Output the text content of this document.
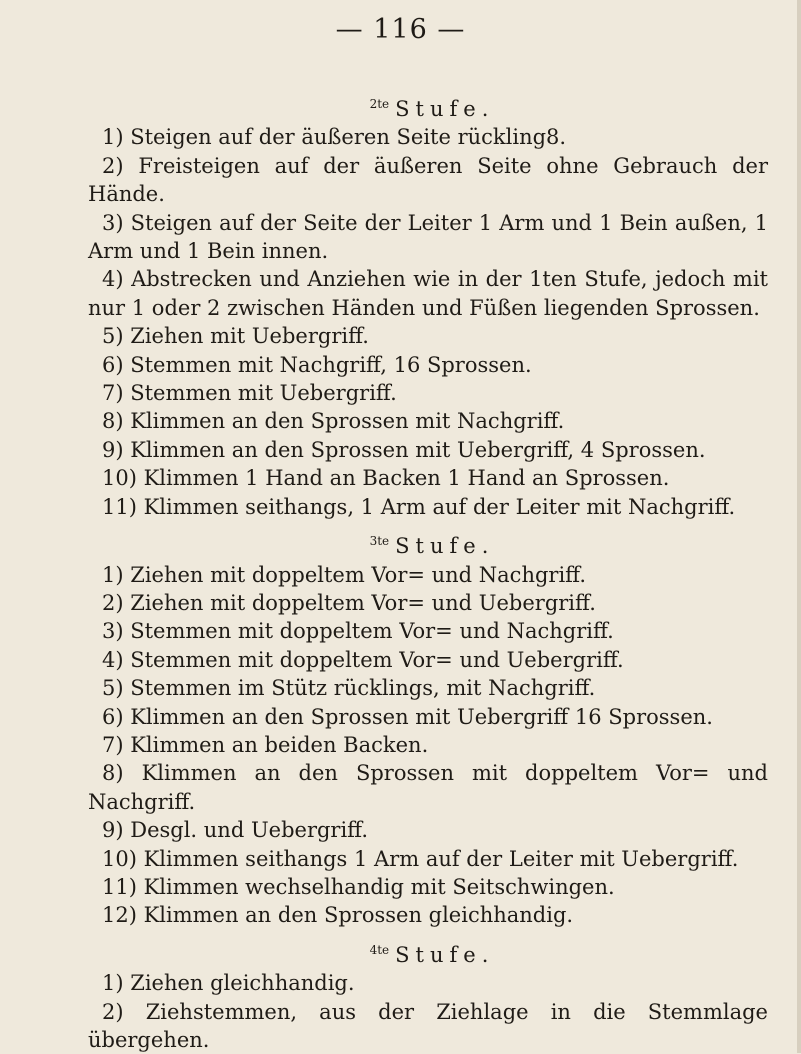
— 116 —

$^{2te}$ Stufe.

1) Steigen auf der äußeren Seite rückling8.

2) Freisteigen auf der äußeren Seite ohne Gebrauch der Hände.

3) Steigen auf der Seite der Leiter 1 Arm und 1 Bein außen, 1 Arm und 1 Bein innen.

4) Abstrecken und Anziehen wie in der 1ten Stufe, jedoch mit nur 1 oder 2 zwischen Händen und Füßen liegenden Sprossen.

5) Ziehen mit Uebergriff.

6) Stemmen mit Nachgriff, 16 Sprossen.

7) Stemmen mit Uebergriff.

8) Klimmen an den Sprossen mit Nachgriff.

9) Klimmen an den Sprossen mit Uebergriff, 4 Sprossen.

10) Klimmen 1 Hand an Backen 1 Hand an Sprossen.

11) Klimmen seithangs, 1 Arm auf der Leiter mit Nachgriff.

$^{3te}$ Stufe.

1) Ziehen mit doppeltem Vor= und Nachgriff.

2) Ziehen mit doppeltem Vor= und Uebergriff.

3) Stemmen mit doppeltem Vor= und Nachgriff.

4) Stemmen mit doppeltem Vor= und Uebergriff.

5) Stemmen im Stütz rücklings, mit Nachgriff.

6) Klimmen an den Sprossen mit Uebergriff 16 Sprossen.

7) Klimmen an beiden Backen.

8) Klimmen an den Sprossen mit doppeltem Vor= und Nachgriff.

9) Desgl. und Uebergriff.

10) Klimmen seithangs 1 Arm auf der Leiter mit Uebergriff.

11) Klimmen wechselhandig mit Seitschwingen.

12) Klimmen an den Sprossen gleichhandig.

$^{4te}$ Stufe.

1) Ziehen gleichhandig.

2) Ziehstemmen, aus der Ziehlage in die Stemmlage übergehen.
